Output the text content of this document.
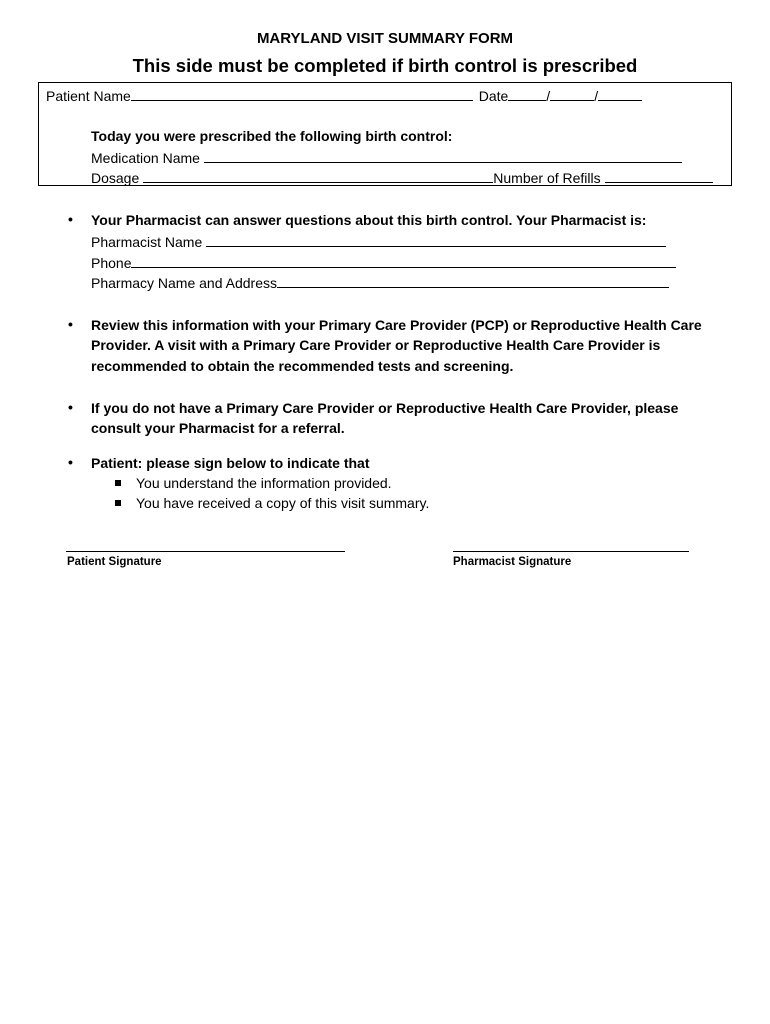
MARYLAND VISIT SUMMARY FORM
This side must be completed if birth control is prescribed
Patient Name	Date	/	/
Today you were prescribed the following birth control:
Medication Name
Dosage	Number of Refills
• Your Pharmacist can answer questions about this birth control. Your Pharmacist is:
Pharmacist Name
Phone
Pharmacy Name and Address
• Review this information with your Primary Care Provider (PCP) or Reproductive Health Care
Provider. A visit with a Primary Care Provider or Reproductive Health Care Provider is
recommended to obtain the recommended tests and screening.
• If you do not have a Primary Care Provider or Reproductive Health Care Provider, please
consult your Pharmacist for a referral.
• Patient: please sign below to indicate that
You understand the information provided.
You have received a copy of this visit summary.
Patient Signature	Pharmacist Signature
